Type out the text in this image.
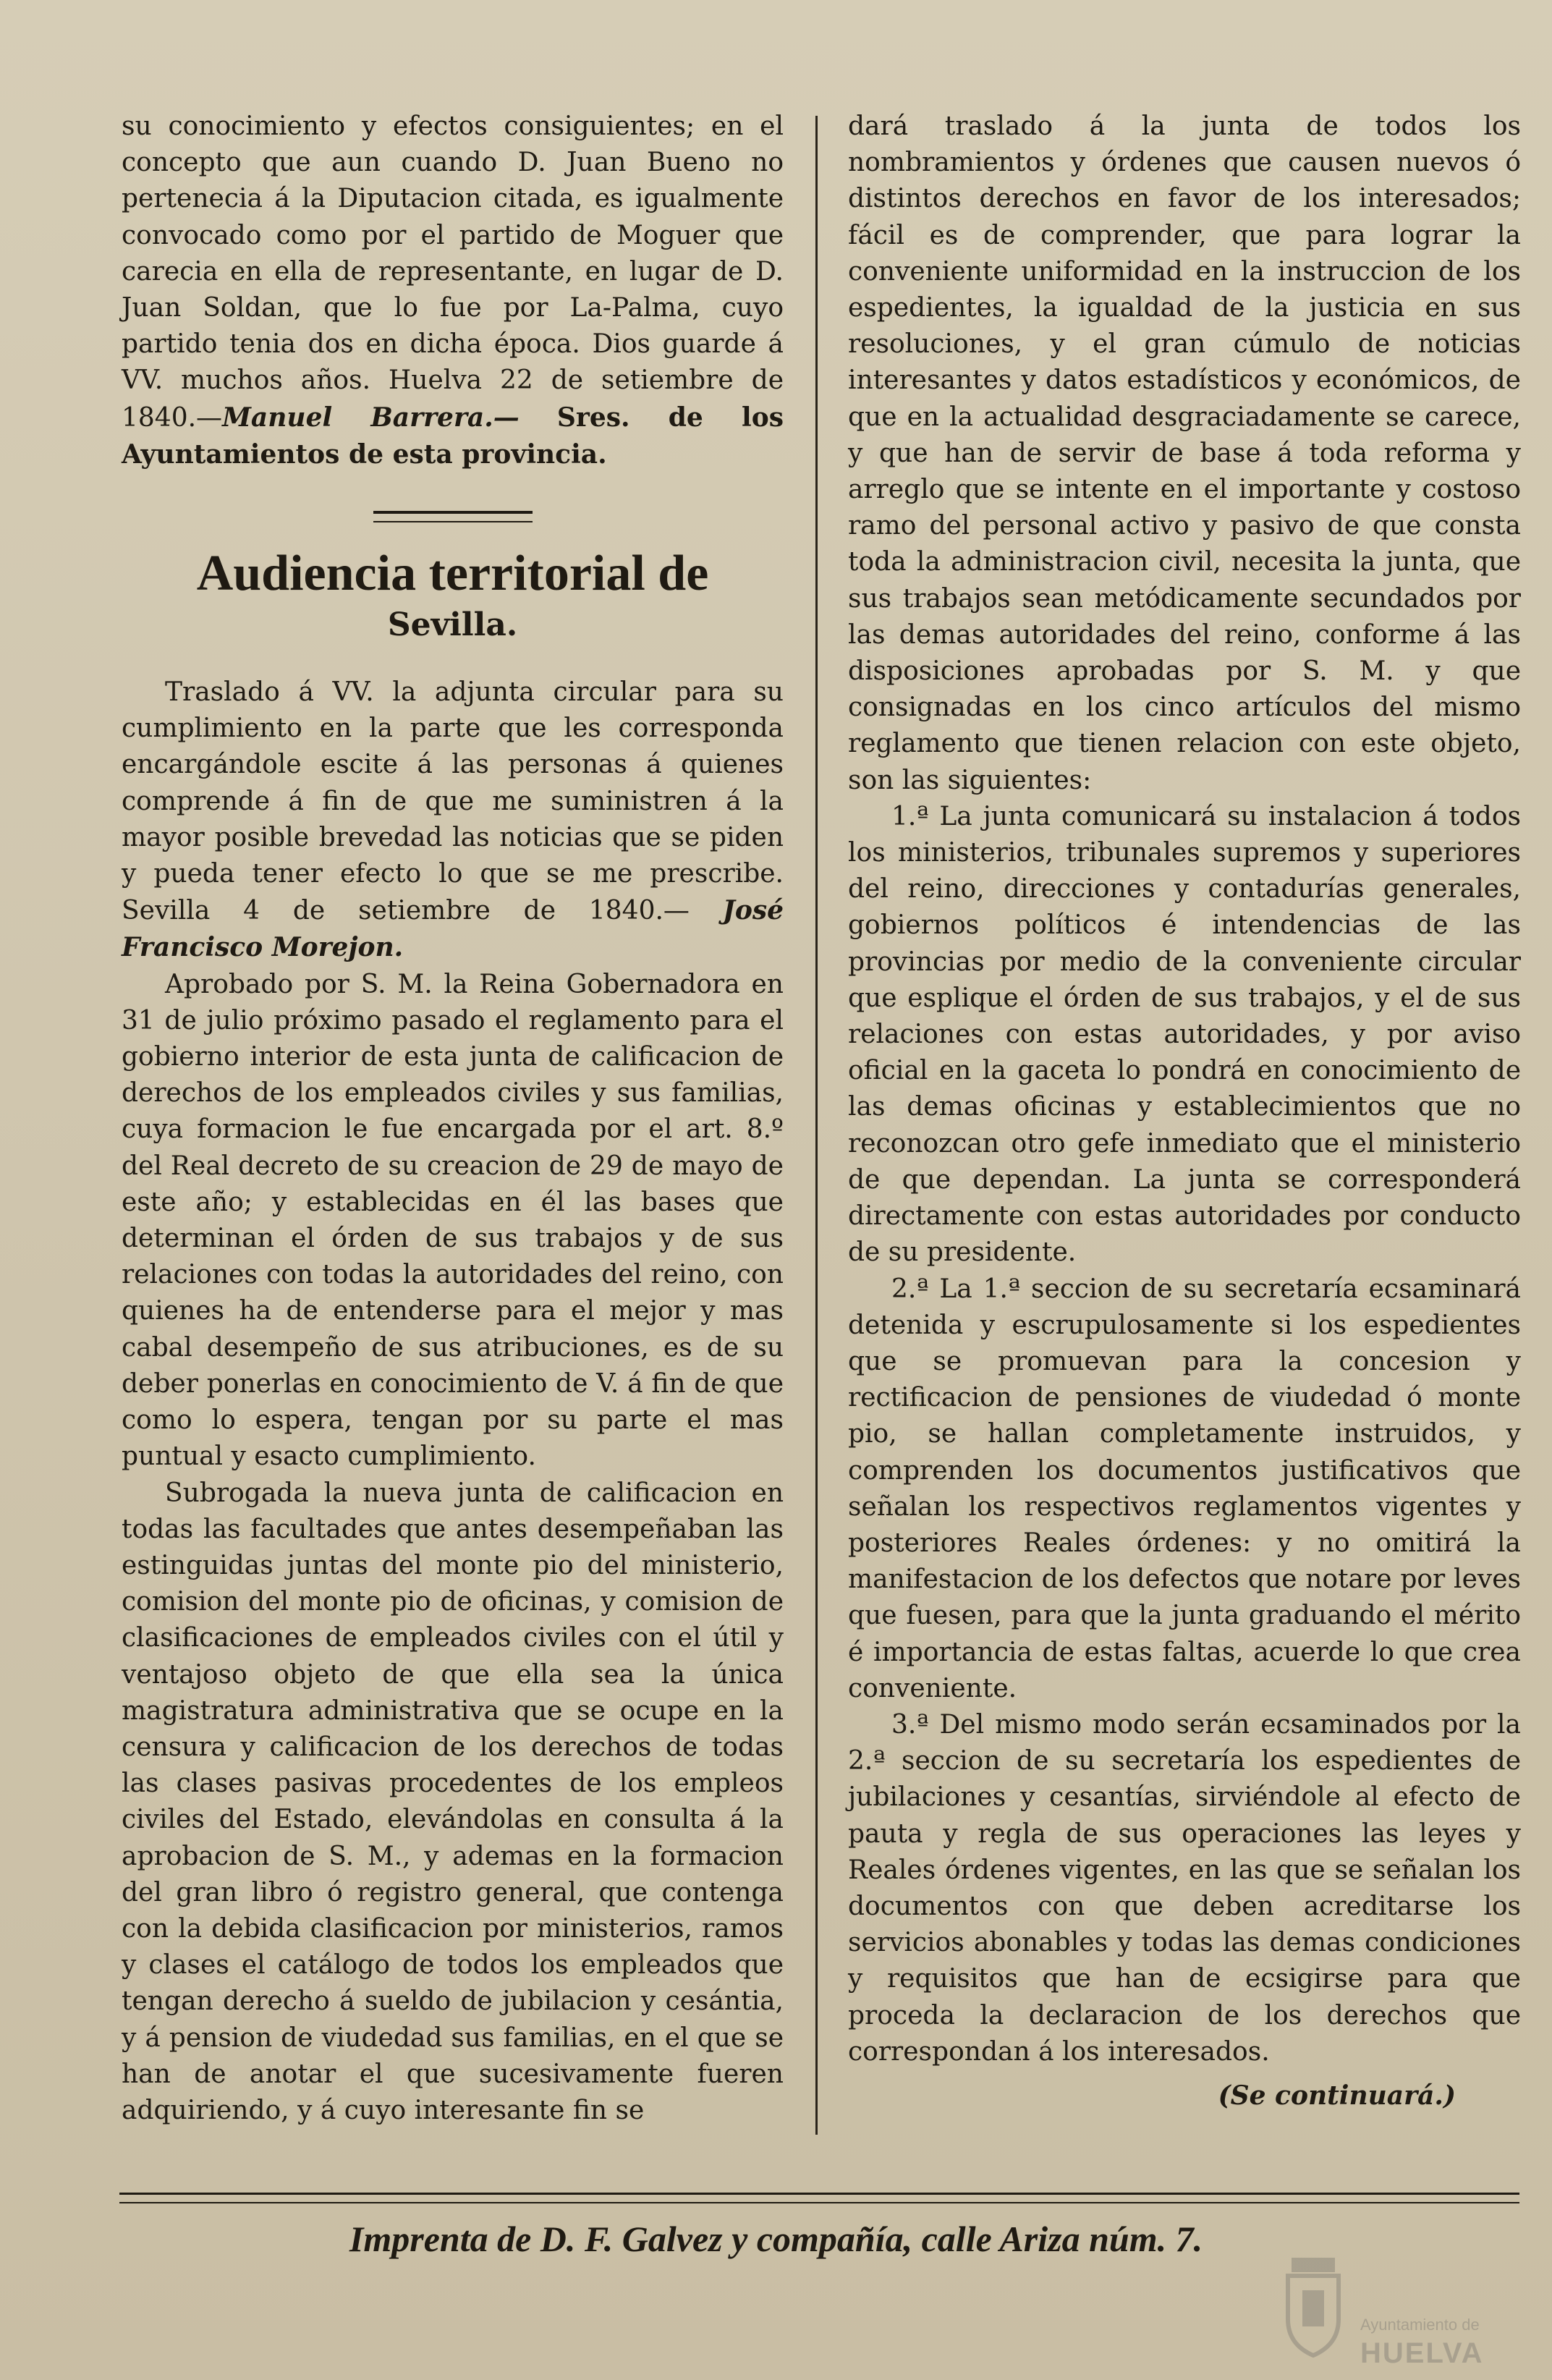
su conocimiento y efectos consiguientes; en el concepto que aun cuando D. Juan Bueno no pertenecia á la Diputacion citada, es igualmente convocado como por el partido de Moguer que carecia en ella de representante, en lugar de D. Juan Soldan, que lo fue por La-Palma, cuyo partido tenia dos en dicha época. Dios guarde á VV. muchos años. Huelva 22 de setiembre de 1840.—Manuel Barrera.— Sres. de los Ayuntamientos de esta provincia.

Audiencia territorial de
Sevilla.

Traslado á VV. la adjunta circular para su cumplimiento en la parte que les corresponda encargándole escite á las personas á quienes comprende á fin de que me suministren á la mayor posible brevedad las noticias que se piden y pueda tener efecto lo que se me prescribe. Sevilla 4 de setiembre de 1840.— José Francisco Morejon.

Aprobado por S. M. la Reina Gobernadora en 31 de julio próximo pasado el reglamento para el gobierno interior de esta junta de calificacion de derechos de los empleados civiles y sus familias, cuya formacion le fue encargada por el art. 8.º del Real decreto de su creacion de 29 de mayo de este año; y establecidas en él las bases que determinan el órden de sus trabajos y de sus relaciones con todas la autoridades del reino, con quienes ha de entenderse para el mejor y mas cabal desempeño de sus atribuciones, es de su deber ponerlas en conocimiento de V. á fin de que como lo espera, tengan por su parte el mas puntual y esacto cumplimiento.

Subrogada la nueva junta de calificacion en todas las facultades que antes desempeñaban las estinguidas juntas del monte pio del ministerio, comision del monte pio de oficinas, y comision de clasificaciones de empleados civiles con el útil y ventajoso objeto de que ella sea la única magistratura administrativa que se ocupe en la censura y calificacion de los derechos de todas las clases pasivas procedentes de los empleos civiles del Estado, elevándolas en consulta á la aprobacion de S. M., y ademas en la formacion del gran libro ó registro general, que contenga con la debida clasificacion por ministerios, ramos y clases el catálogo de todos los empleados que tengan derecho á sueldo de jubilacion y cesántia, y á pension de viudedad sus familias, en el que se han de anotar el que sucesivamente fueren adquiriendo, y á cuyo interesante fin se

dará traslado á la junta de todos los nombramientos y órdenes que causen nuevos ó distintos derechos en favor de los interesados; fácil es de comprender, que para lograr la conveniente uniformidad en la instruccion de los espedientes, la igualdad de la justicia en sus resoluciones, y el gran cúmulo de noticias interesantes y datos estadísticos y económicos, de que en la actualidad desgraciadamente se carece, y que han de servir de base á toda reforma y arreglo que se intente en el importante y costoso ramo del personal activo y pasivo de que consta toda la administracion civil, necesita la junta, que sus trabajos sean metódicamente secundados por las demas autoridades del reino, conforme á las disposiciones aprobadas por S. M. y que consignadas en los cinco artículos del mismo reglamento que tienen relacion con este objeto, son las siguientes:

1.ª La junta comunicará su instalacion á todos los ministerios, tribunales supremos y superiores del reino, direcciones y contadurías generales, gobiernos políticos é intendencias de las provincias por medio de la conveniente circular que esplique el órden de sus trabajos, y el de sus relaciones con estas autoridades, y por aviso oficial en la gaceta lo pondrá en conocimiento de las demas oficinas y establecimientos que no reconozcan otro gefe inmediato que el ministerio de que dependan. La junta se corresponderá directamente con estas autoridades por conducto de su presidente.

2.ª La 1.ª seccion de su secretaría ecsaminará detenida y escrupulosamente si los espedientes que se promuevan para la concesion y rectificacion de pensiones de viudedad ó monte pio, se hallan completamente instruidos, y comprenden los documentos justificativos que señalan los respectivos reglamentos vigentes y posteriores Reales órdenes: y no omitirá la manifestacion de los defectos que notare por leves que fuesen, para que la junta graduando el mérito é importancia de estas faltas, acuerde lo que crea conveniente.

3.ª Del mismo modo serán ecsaminados por la 2.ª seccion de su secretaría los espedientes de jubilaciones y cesantías, sirviéndole al efecto de pauta y regla de sus operaciones las leyes y Reales órdenes vigentes, en las que se señalan los documentos con que deben acreditarse los servicios abonables y todas las demas condiciones y requisitos que han de ecsigirse para que proceda la declaracion de los derechos que correspondan á los interesados.

(Se continuará.)
Imprenta de D. F. Galvez y compañía, calle Ariza núm. 7.
Ayuntamiento de
HUELVA
